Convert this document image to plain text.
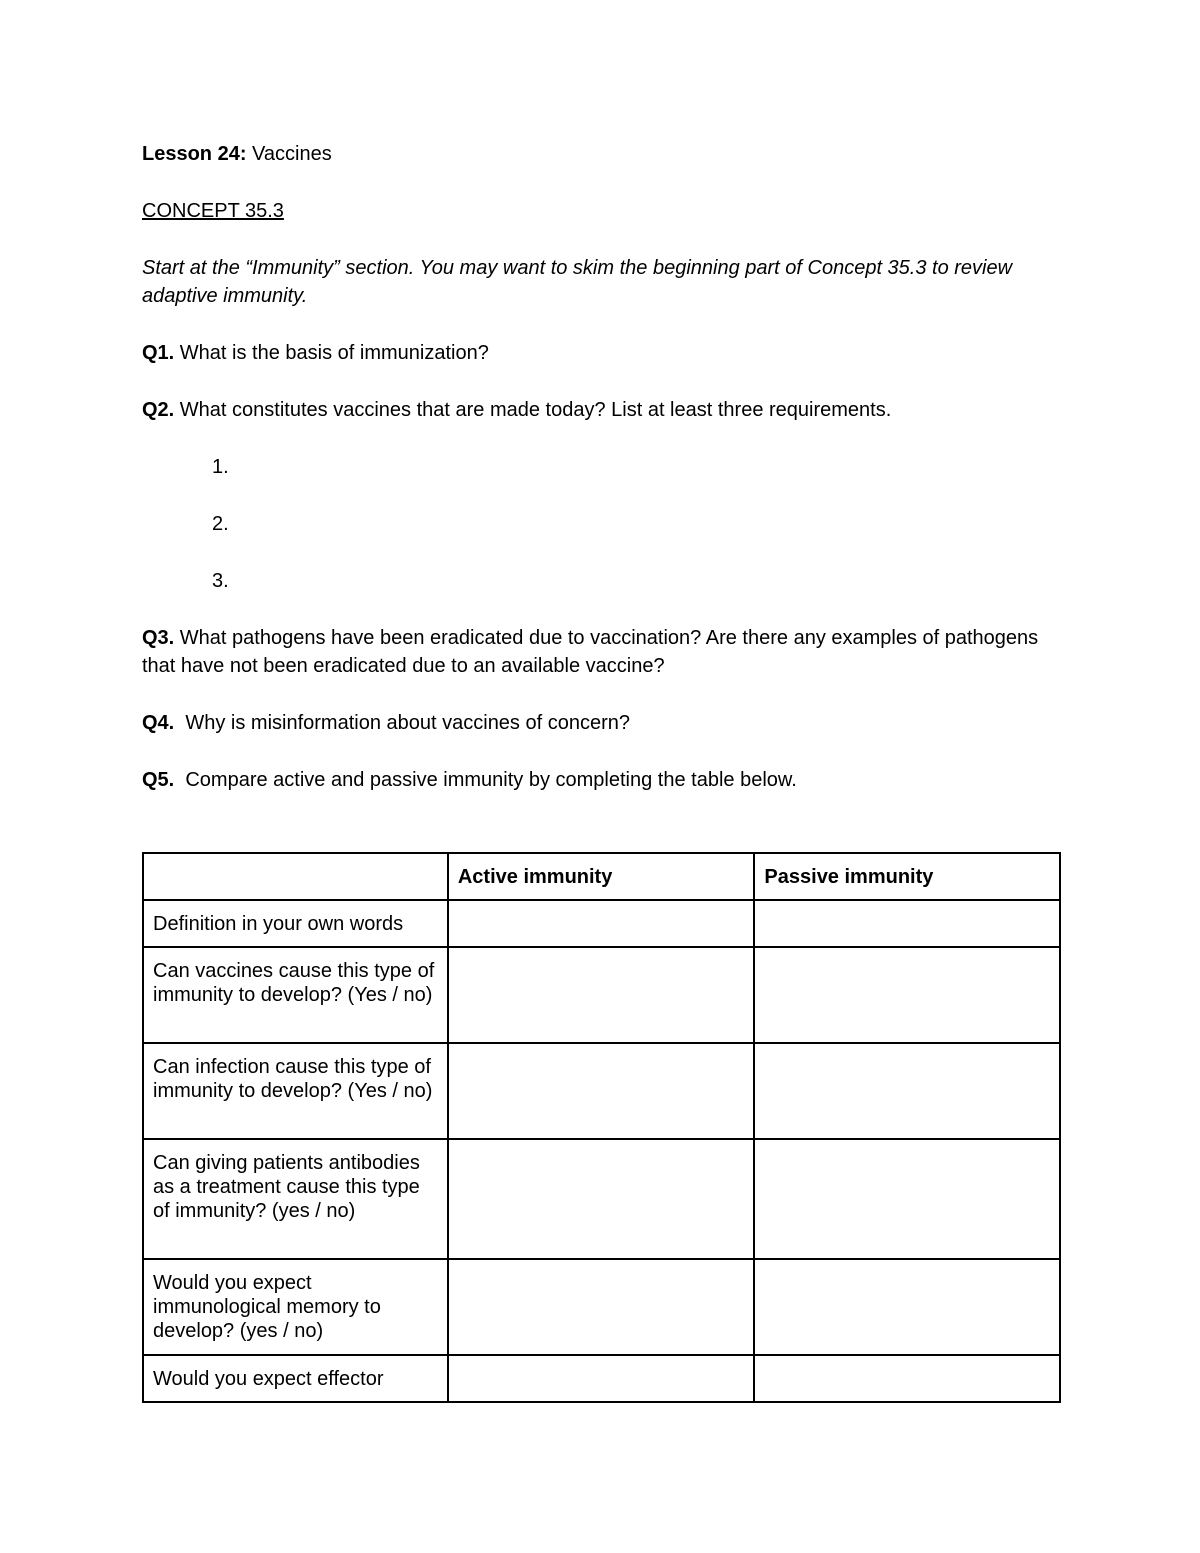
Lesson 24: Vaccines

CONCEPT 35.3

Start at the “Immunity” section. You may want to skim the beginning part of Concept 35.3 to review adaptive immunity.

Q1. What is the basis of immunization?

Q2. What constitutes vaccines that are made today? List at least three requirements.

1.
2.
3.

Q3. What pathogens have been eradicated due to vaccination? Are there any examples of pathogens that have not been eradicated due to an available vaccine?

Q4.  Why is misinformation about vaccines of concern?

Q5.  Compare active and passive immunity by completing the table below.

	Active immunity	Passive immunity
Definition in your own words		
Can vaccines cause this type of immunity to develop? (Yes / no)		
Can infection cause this type of immunity to develop? (Yes / no)		
Can giving patients antibodies as a treatment cause this type of immunity? (yes / no)		
Would you expect immunological memory to develop? (yes / no)		
Would you expect effector		
